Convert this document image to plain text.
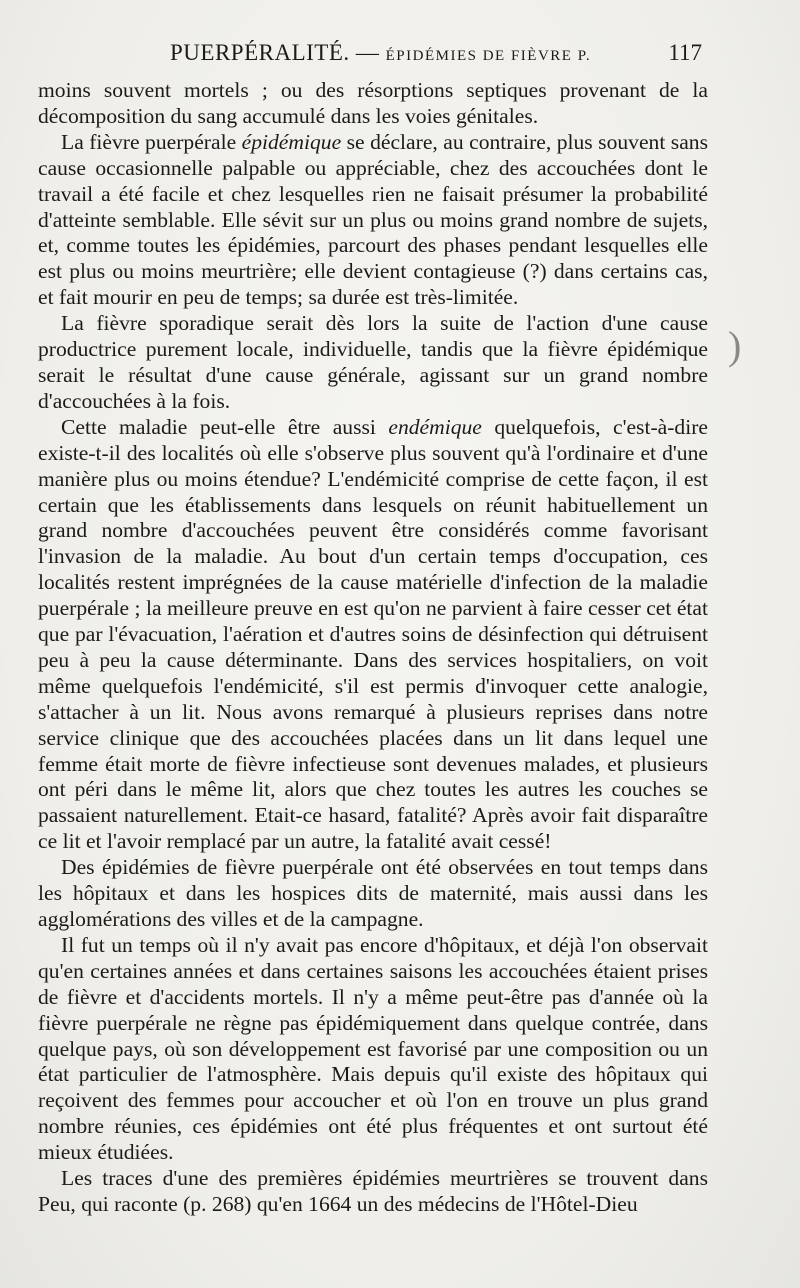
PUERPÉRALITÉ. — ÉPIDÉMIES DE FIÈVRE P.	117

moins souvent mortels ; ou des résorptions septiques provenant de la décomposition du sang accumulé dans les voies génitales.

La fièvre puerpérale épidémique se déclare, au contraire, plus souvent sans cause occasionnelle palpable ou appréciable, chez des accouchées dont le travail a été facile et chez lesquelles rien ne faisait présumer la probabilité d'atteinte semblable. Elle sévit sur un plus ou moins grand nombre de sujets, et, comme toutes les épidémies, parcourt des phases pendant lesquelles elle est plus ou moins meurtrière; elle devient contagieuse (?) dans certains cas, et fait mourir en peu de temps; sa durée est très-limitée.

La fièvre sporadique serait dès lors la suite de l'action d'une cause productrice purement locale, individuelle, tandis que la fièvre épidémique serait le résultat d'une cause générale, agissant sur un grand nombre d'accouchées à la fois.

Cette maladie peut-elle être aussi endémique quelquefois, c'est-à-dire existe-t-il des localités où elle s'observe plus souvent qu'à l'ordinaire et d'une manière plus ou moins étendue? L'endémicité comprise de cette façon, il est certain que les établissements dans lesquels on réunit habituellement un grand nombre d'accouchées peuvent être considérés comme favorisant l'invasion de la maladie. Au bout d'un certain temps d'occupation, ces localités restent imprégnées de la cause matérielle d'infection de la maladie puerpérale ; la meilleure preuve en est qu'on ne parvient à faire cesser cet état que par l'évacuation, l'aération et d'autres soins de désinfection qui détruisent peu à peu la cause déterminante. Dans des services hospitaliers, on voit même quelquefois l'endémicité, s'il est permis d'invoquer cette analogie, s'attacher à un lit. Nous avons remarqué à plusieurs reprises dans notre service clinique que des accouchées placées dans un lit dans lequel une femme était morte de fièvre infectieuse sont devenues malades, et plusieurs ont péri dans le même lit, alors que chez toutes les autres les couches se passaient naturellement. Etait-ce hasard, fatalité? Après avoir fait disparaître ce lit et l'avoir remplacé par un autre, la fatalité avait cessé!

Des épidémies de fièvre puerpérale ont été observées en tout temps dans les hôpitaux et dans les hospices dits de maternité, mais aussi dans les agglomérations des villes et de la campagne.

Il fut un temps où il n'y avait pas encore d'hôpitaux, et déjà l'on observait qu'en certaines années et dans certaines saisons les accouchées étaient prises de fièvre et d'accidents mortels. Il n'y a même peut-être pas d'année où la fièvre puerpérale ne règne pas épidémiquement dans quelque contrée, dans quelque pays, où son développement est favorisé par une composition ou un état particulier de l'atmosphère. Mais depuis qu'il existe des hôpitaux qui reçoivent des femmes pour accoucher et où l'on en trouve un plus grand nombre réunies, ces épidémies ont été plus fréquentes et ont surtout été mieux étudiées.

Les traces d'une des premières épidémies meurtrières se trouvent dans Peu, qui raconte (p. 268) qu'en 1664 un des médecins de l'Hôtel-Dieu

)
